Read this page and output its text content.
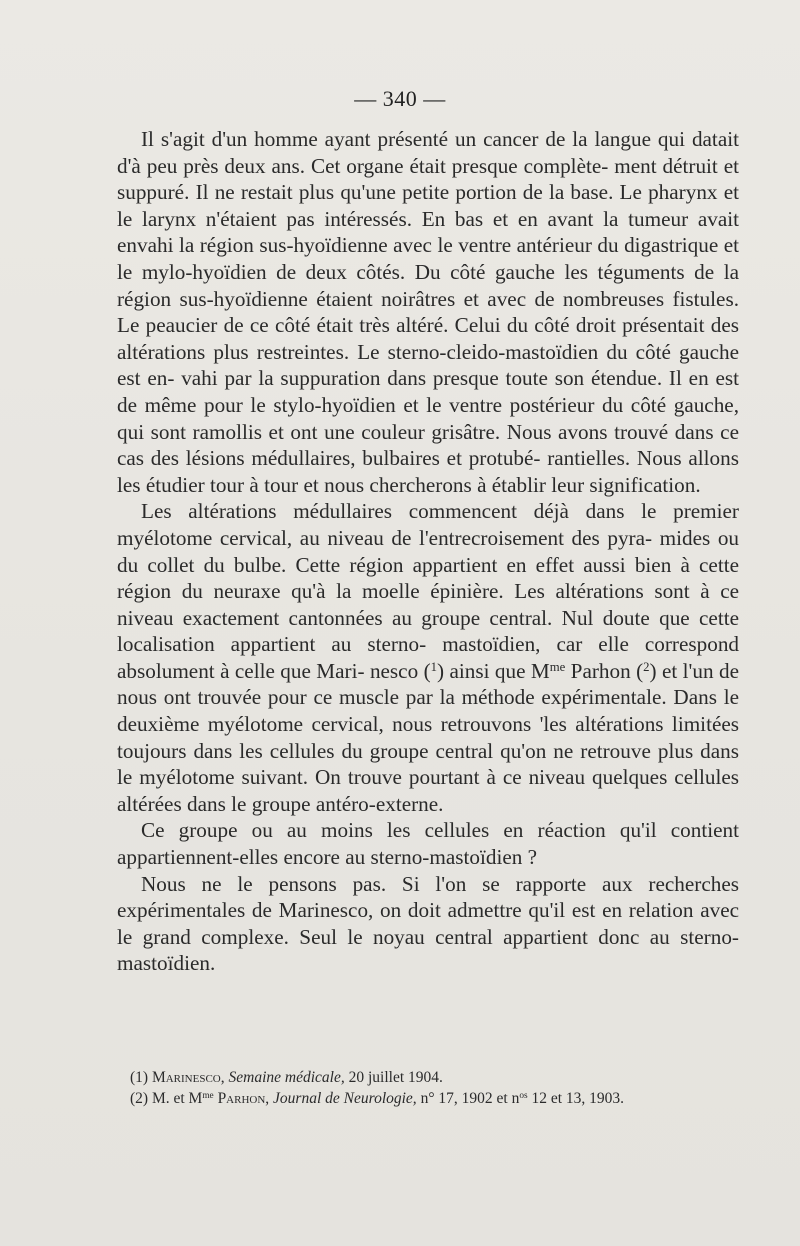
— 340 —

Il s'agit d'un homme ayant présenté un cancer de la langue qui datait d'à peu près deux ans. Cet organe était presque complète- ment détruit et suppuré. Il ne restait plus qu'une petite portion de la base. Le pharynx et le larynx n'étaient pas intéressés. En bas et en avant la tumeur avait envahi la région sus-hyoïdienne avec le ventre antérieur du digastrique et le mylo-hyoïdien de deux côtés. Du côté gauche les téguments de la région sus-hyoïdienne étaient noirâtres et avec de nombreuses fistules. Le peaucier de ce côté était très altéré. Celui du côté droit présentait des altérations plus restreintes. Le sterno-cleido-mastoïdien du côté gauche est en- vahi par la suppuration dans presque toute son étendue. Il en est de même pour le stylo-hyoïdien et le ventre postérieur du côté gauche, qui sont ramollis et ont une couleur grisâtre. Nous avons trouvé dans ce cas des lésions médullaires, bulbaires et protubé- rantielles. Nous allons les étudier tour à tour et nous chercherons à établir leur signification.

Les altérations médullaires commencent déjà dans le premier myélotome cervical, au niveau de l'entrecroisement des pyra- mides ou du collet du bulbe. Cette région appartient en effet aussi bien à cette région du neuraxe qu'à la moelle épinière. Les altérations sont à ce niveau exactement cantonnées au groupe central. Nul doute que cette localisation appartient au sterno- mastoïdien, car elle correspond absolument à celle que Mari- nesco ($^1$) ainsi que $M^{me}$ Parhon ($^2$) et l'un de nous ont trouvée pour ce muscle par la méthode expérimentale. Dans le deuxième myélotome cervical, nous retrouvons 'les altérations limitées toujours dans les cellules du groupe central qu'on ne retrouve plus dans le myélotome suivant. On trouve pourtant à ce niveau quelques cellules altérées dans le groupe antéro-externe.

Ce groupe ou au moins les cellules en réaction qu'il contient appartiennent-elles encore au sterno-mastoïdien ?

Nous ne le pensons pas. Si l'on se rapporte aux recherches expérimentales de Marinesco, on doit admettre qu'il est en relation avec le grand complexe. Seul le noyau central appartient donc au sterno-mastoïdien.

(1) Marinesco, Semaine médicale, 20 juillet 1904.

(2) M. et $M^{me}$ Parhon, Journal de Neurologie, n° 17, 1902 et $n^{os}$ 12 et 13, 1903.
